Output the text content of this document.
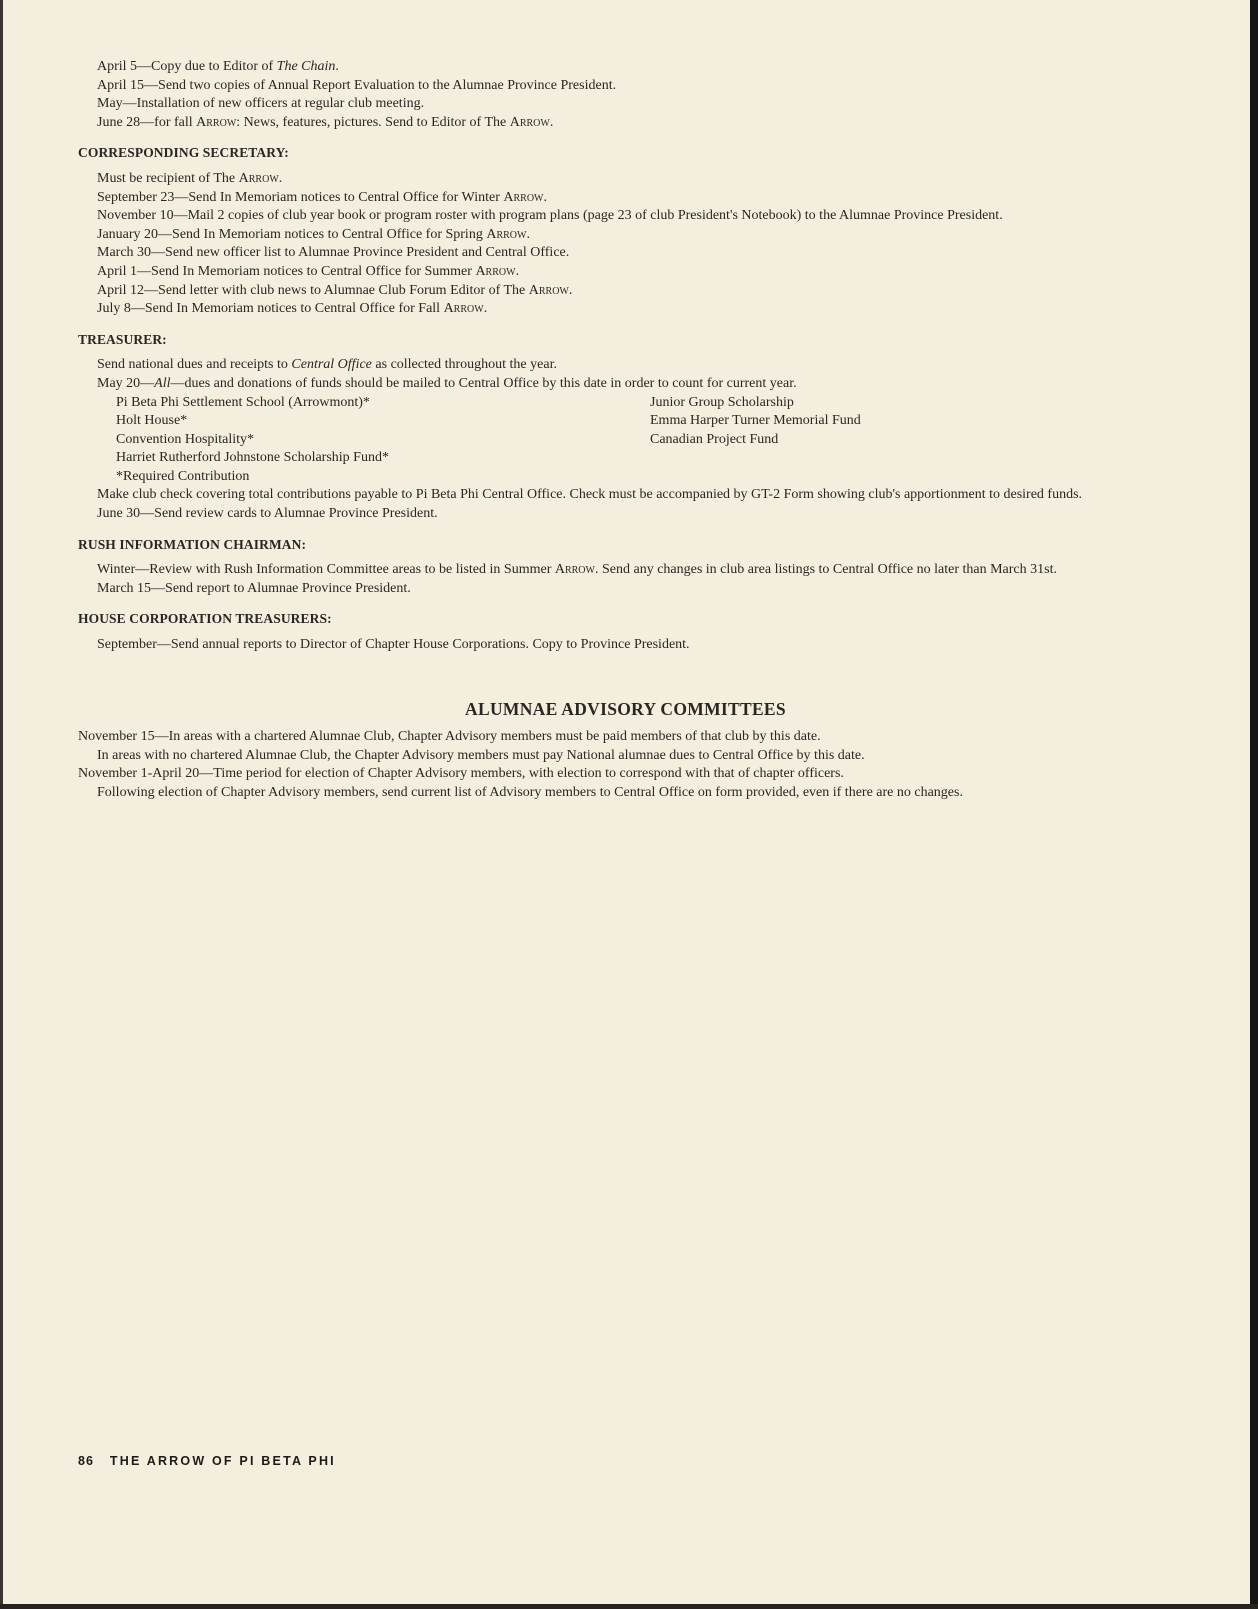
April 5—Copy due to Editor of The Chain.

April 15—Send two copies of Annual Report Evaluation to the Alumnae Province President.

May—Installation of new officers at regular club meeting.

June 28—for fall Arrow: News, features, pictures. Send to Editor of The Arrow.

CORRESPONDING SECRETARY:

Must be recipient of The Arrow.

September 23—Send In Memoriam notices to Central Office for Winter Arrow.

November 10—Mail 2 copies of club year book or program roster with program plans (page 23 of club President's Notebook) to the Alumnae Province President.

January 20—Send In Memoriam notices to Central Office for Spring Arrow.

March 30—Send new officer list to Alumnae Province President and Central Office.

April 1—Send In Memoriam notices to Central Office for Summer Arrow.

April 12—Send letter with club news to Alumnae Club Forum Editor of The Arrow.

July 8—Send In Memoriam notices to Central Office for Fall Arrow.

TREASURER:

Send national dues and receipts to Central Office as collected throughout the year.

May 20—All—dues and donations of funds should be mailed to Central Office by this date in order to count for current year.

Pi Beta Phi Settlement School (Arrowmont)*

Holt House*

Convention Hospitality*

Harriet Rutherford Johnstone Scholarship Fund*

*Required Contribution

Junior Group Scholarship

Emma Harper Turner Memorial Fund

Canadian Project Fund

Make club check covering total contributions payable to Pi Beta Phi Central Office. Check must be accompanied by GT-2 Form showing club's apportionment to desired funds.

June 30—Send review cards to Alumnae Province President.

RUSH INFORMATION CHAIRMAN:

Winter—Review with Rush Information Committee areas to be listed in Summer Arrow. Send any changes in club area listings to Central Office no later than March 31st.

March 15—Send report to Alumnae Province President.

HOUSE CORPORATION TREASURERS:

September—Send annual reports to Director of Chapter House Corporations. Copy to Province President.

ALUMNAE ADVISORY COMMITTEES

November 15—In areas with a chartered Alumnae Club, Chapter Advisory members must be paid members of that club by this date.

In areas with no chartered Alumnae Club, the Chapter Advisory members must pay National alumnae dues to Central Office by this date.

November 1-April 20—Time period for election of Chapter Advisory members, with election to correspond with that of chapter officers.

Following election of Chapter Advisory members, send current list of Advisory members to Central Office on form provided, even if there are no changes.

86 THE ARROW OF PI BETA PHI
